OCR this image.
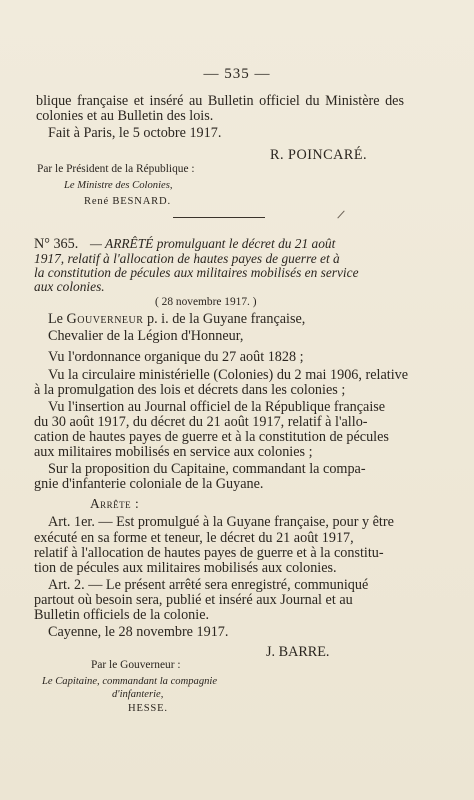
— 535 —
blique française et inséré au Bulletin officiel du Ministère des
colonies et au Bulletin des lois.
Fait à Paris, le 5 octobre 1917.
R. POINCARÉ.
Par le Président de la République :
Le Ministre des Colonies,
René BESNARD.
N° 365. — ARRÊTÉ promulguant le décret du 21 août
1917, relatif à l'allocation de hautes payes de guerre et à
la constitution de pécules aux militaires mobilisés en service
aux colonies.
( 28 novembre 1917. )
Le Gouverneur p. i. de la Guyane française,
Chevalier de la Légion d'Honneur,
Vu l'ordonnance organique du 27 août 1828 ;
Vu la circulaire ministérielle (Colonies) du 2 mai 1906, relative
à la promulgation des lois et décrets dans les colonies ;
Vu l'insertion au Journal officiel de la République française
du 30 août 1917, du décret du 21 août 1917, relatif à l'allo-
cation de hautes payes de guerre et à la constitution de pécules
aux militaires mobilisés en service aux colonies ;
Sur la proposition du Capitaine, commandant la compa-
gnie d'infanterie coloniale de la Guyane.
Arrête :
Art. 1er. — Est promulgué à la Guyane française, pour y être
exécuté en sa forme et teneur, le décret du 21 août 1917,
relatif à l'allocation de hautes payes de guerre et à la constitu-
tion de pécules aux militaires mobilisés aux colonies.
Art. 2. — Le présent arrêté sera enregistré, communiqué
partout où besoin sera, publié et inséré aux Journal et au
Bulletin officiels de la colonie.
Cayenne, le 28 novembre 1917.
J. BARRE.
Par le Gouverneur :
Le Capitaine, commandant la compagnie
d'infanterie,
HESSE.
